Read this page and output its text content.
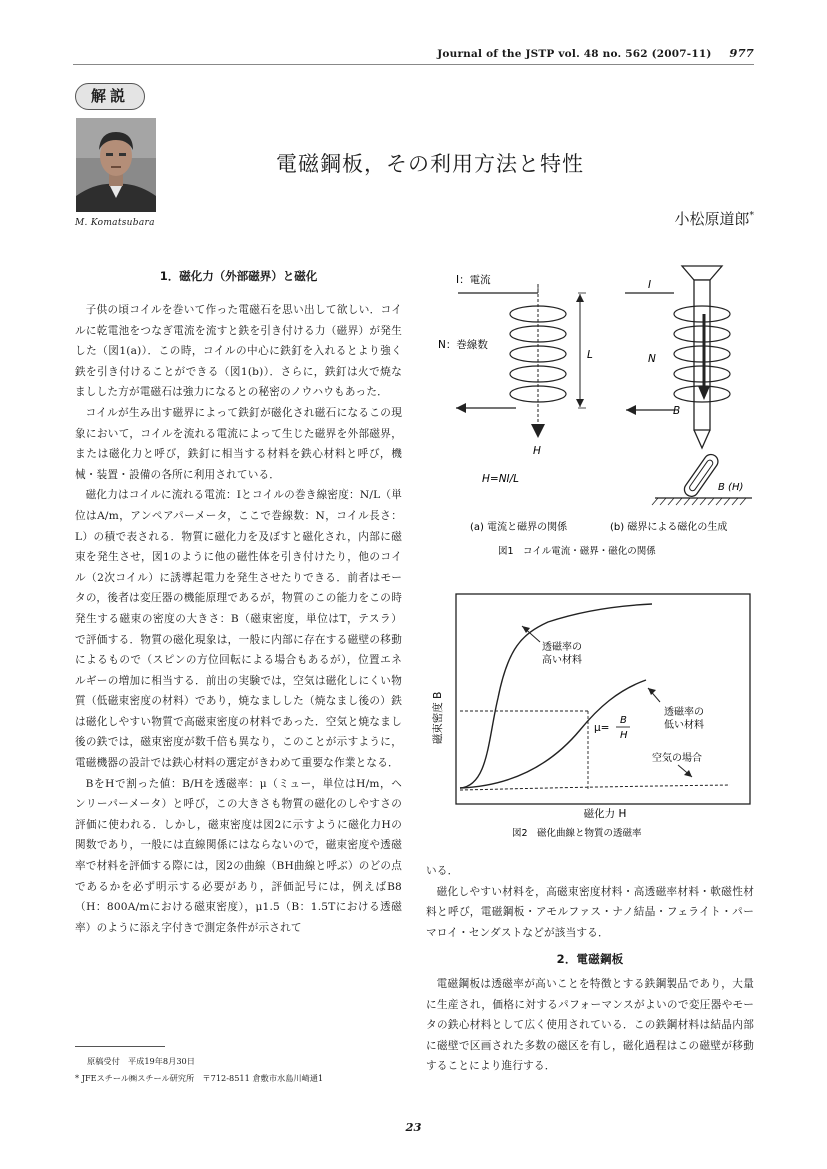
Journal of the JSTP vol. 48 no. 562 (2007-11) 977
解説
M. Komatsubara
電磁鋼板，その利用方法と特性
小松原道郎*
1．磁化力（外部磁界）と磁化

子供の頃コイルを巻いて作った電磁石を思い出して欲しい．コイルに乾電池をつなぎ電流を流すと鉄を引き付ける力（磁界）が発生した（図1(a)）．この時，コイルの中心に鉄釘を入れるとより強く鉄を引き付けることができる（図1(b)）．さらに，鉄釘は火で焼なましした方が電磁石は強力になるとの秘密のノウハウもあった．

コイルが生み出す磁界によって鉄釘が磁化され磁石になるこの現象において，コイルを流れる電流によって生じた磁界を外部磁界，または磁化力と呼び，鉄釘に相当する材料を鉄心材料と呼び，機械・装置・設備の各所に利用されている．

磁化力はコイルに流れる電流：Iとコイルの巻き線密度：N/L（単位はA/m，アンペアパーメータ，ここで巻線数：N，コイル長さ：L）の積で表される．物質に磁化力を及ぼすと磁化され，内部に磁束を発生させ，図1のように他の磁性体を引き付けたり，他のコイル（2次コイル）に誘導起電力を発生させたりできる．前者はモータの，後者は変圧器の機能原理であるが，物質のこの能力をこの時発生する磁束の密度の大きさ：B（磁束密度，単位はT，テスラ）で評価する．物質の磁化現象は，一般に内部に存在する磁壁の移動によるもので（スピンの方位回転による場合もあるが），位置エネルギーの増加に相当する．前出の実験では，空気は磁化しにくい物質（低磁束密度の材料）であり，焼なましした（焼なまし後の）鉄は磁化しやすい物質で高磁束密度の材料であった．空気と焼なまし後の鉄では，磁束密度が数千倍も異なり，このことが示すように，電磁機器の設計では鉄心材料の選定がきわめて重要な作業となる．

BをHで割った値：B/Hを透磁率：μ（ミュー，単位はH/m，ヘンリーパーメータ）と呼び，この大きさも物質の磁化のしやすさの評価に使われる．しかし，磁束密度は図2に示すように磁化力Hの関数であり，一般には直線関係にはならないので，磁束密度や透磁率で材料を評価する際には，図2の曲線（BH曲線と呼ぶ）のどの点であるかを必ず明示する必要があり，評価記号には，例えばB8（H：800A/mにおける磁束密度），μ1.5（B：1.5Tにおける透磁率）のように添え字付きで測定条件が示されて

I：電流
N：巻線数
L
H
H=NI/L
I
N
B
B (H)
(a) 電流と磁界の関係	(b) 磁界による磁化の生成
図1　コイル電流・磁界・磁化の関係
磁束密度 B
磁化力 H
透磁率の 高い材料
透磁率の 低い材料
空気の場合
μ=
B
H
図2　磁化曲線と物質の透磁率

いる．

磁化しやすい材料を，高磁束密度材料・高透磁率材料・軟磁性材料と呼び，電磁鋼板・アモルファス・ナノ結晶・フェライト・パーマロイ・センダストなどが該当する．

2．電磁鋼板

電磁鋼板は透磁率が高いことを特徴とする鉄鋼製品であり，大量に生産され，価格に対するパフォーマンスがよいので変圧器やモータの鉄心材料として広く使用されている．この鉄鋼材料は結晶内部に磁壁で区画された多数の磁区を有し，磁化過程はこの磁壁が移動することにより進行する．

原稿受付　平成19年8月30日
* JFEスチール㈱スチール研究所　〒712-8511 倉敷市水島川崎通1
23
